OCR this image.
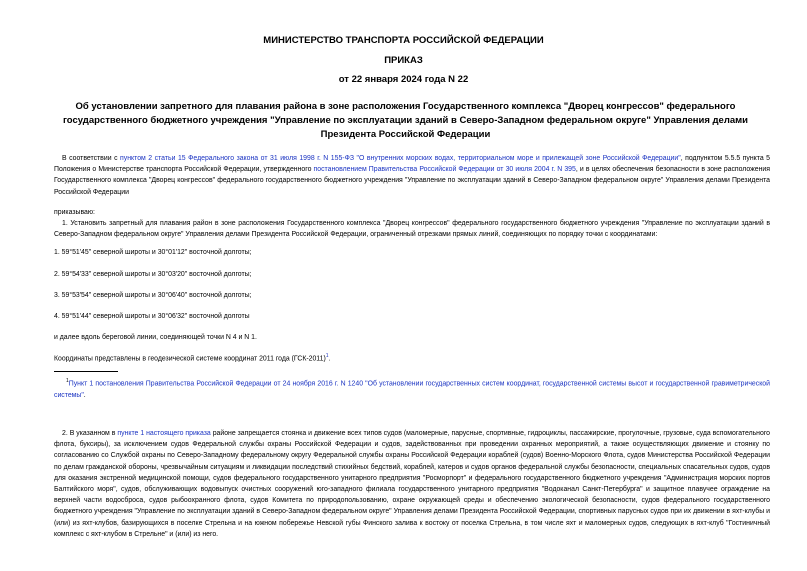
МИНИСТЕРСТВО ТРАНСПОРТА РОССИЙСКОЙ ФЕДЕРАЦИИ
ПРИКАЗ
от 22 января 2024 года N 22
Об установлении запретного для плавания района в зоне расположения Государственного комплекса "Дворец конгрессов" федерального государственного бюджетного учреждения "Управление по эксплуатации зданий в Северо-Западном федеральном округе" Управления делами Президента Российской Федерации
В соответствии с пунктом 2 статьи 15 Федерального закона от 31 июля 1998 г. N 155-ФЗ "О внутренних морских водах, территориальном море и прилежащей зоне Российской Федерации", подпунктом 5.5.5 пункта 5 Положения о Министерстве транспорта Российской Федерации, утвержденного постановлением Правительства Российской Федерации от 30 июля 2004 г. N 395, и в целях обеспечения безопасности в зоне расположения Государственного комплекса "Дворец конгрессов" федерального государственного бюджетного учреждения "Управление по эксплуатации зданий в Северо-Западном федеральном округе" Управления делами Президента Российской Федерации
приказываю:
1. Установить запретный для плавания район в зоне расположения Государственного комплекса "Дворец конгрессов" федерального государственного бюджетного учреждения "Управление по эксплуатации зданий в Северо-Западном федеральном округе" Управления делами Президента Российской Федерации, ограниченный отрезками прямых линий, соединяющих по порядку точки с координатами:
1. 59°51'45" северной широты и 30°01'12" восточной долготы;
2. 59°54'33" северной широты и 30°03'20" восточной долготы;
3. 59°53'54" северной широты и 30°06'40" восточной долготы;
4. 59°51'44" северной широты и 30°06'32" восточной долготы
и далее вдоль береговой линии, соединяющей точки N 4 и N 1.
Координаты представлены в геодезической системе координат 2011 года $(ГСК-2011)^1$.
$^1$Пункт 1 постановления Правительства Российской Федерации от 24 ноября 2016 г. N 1240 "Об установлении государственных систем координат, государственной системы высот и государственной гравиметрической системы".
2. В указанном в пункте 1 настоящего приказа районе запрещается стоянка и движение всех типов судов (маломерные, парусные, спортивные, гидроциклы, пассажирские, прогулочные, грузовые, суда вспомогательного флота, буксиры), за исключением судов Федеральной службы охраны Российской Федерации и судов, задействованных при проведении охранных мероприятий, а также осуществляющих движение и стоянку по согласованию со Службой охраны по Северо-Западному федеральному округу Федеральной службы охраны Российской Федерации кораблей (судов) Военно-Морского Флота, судов Министерства Российской Федерации по делам гражданской обороны, чрезвычайным ситуациям и ликвидации последствий стихийных бедствий, кораблей, катеров и судов органов федеральной службы безопасности, специальных спасательных судов, судов для оказания экстренной медицинской помощи, судов федерального государственного унитарного предприятия "Росморпорт" и федерального государственного бюджетного учреждения "Администрация морских портов Балтийского моря", судов, обслуживающих водовыпуск очистных сооружений юго-западного филиала государственного унитарного предприятия "Водоканал Санкт-Петербурга" и защитное плавучее ограждение на верхней части водосброса, судов рыбоохранного флота, судов Комитета по природопользованию, охране окружающей среды и обеспечению экологической безопасности, судов федерального государственного бюджетного учреждения "Управление по эксплуатации зданий в Северо-Западном федеральном округе" Управления делами Президента Российской Федерации, спортивных парусных судов при их движении в яхт-клубы и (или) из яхт-клубов, базирующихся в поселке Стрельна и на южном побережье Невской губы Финского залива к востоку от поселка Стрельна, в том числе яхт и маломерных судов, следующих в яхт-клуб "Гостиничный комплекс с яхт-клубом в Стрельне" и (или) из него.
